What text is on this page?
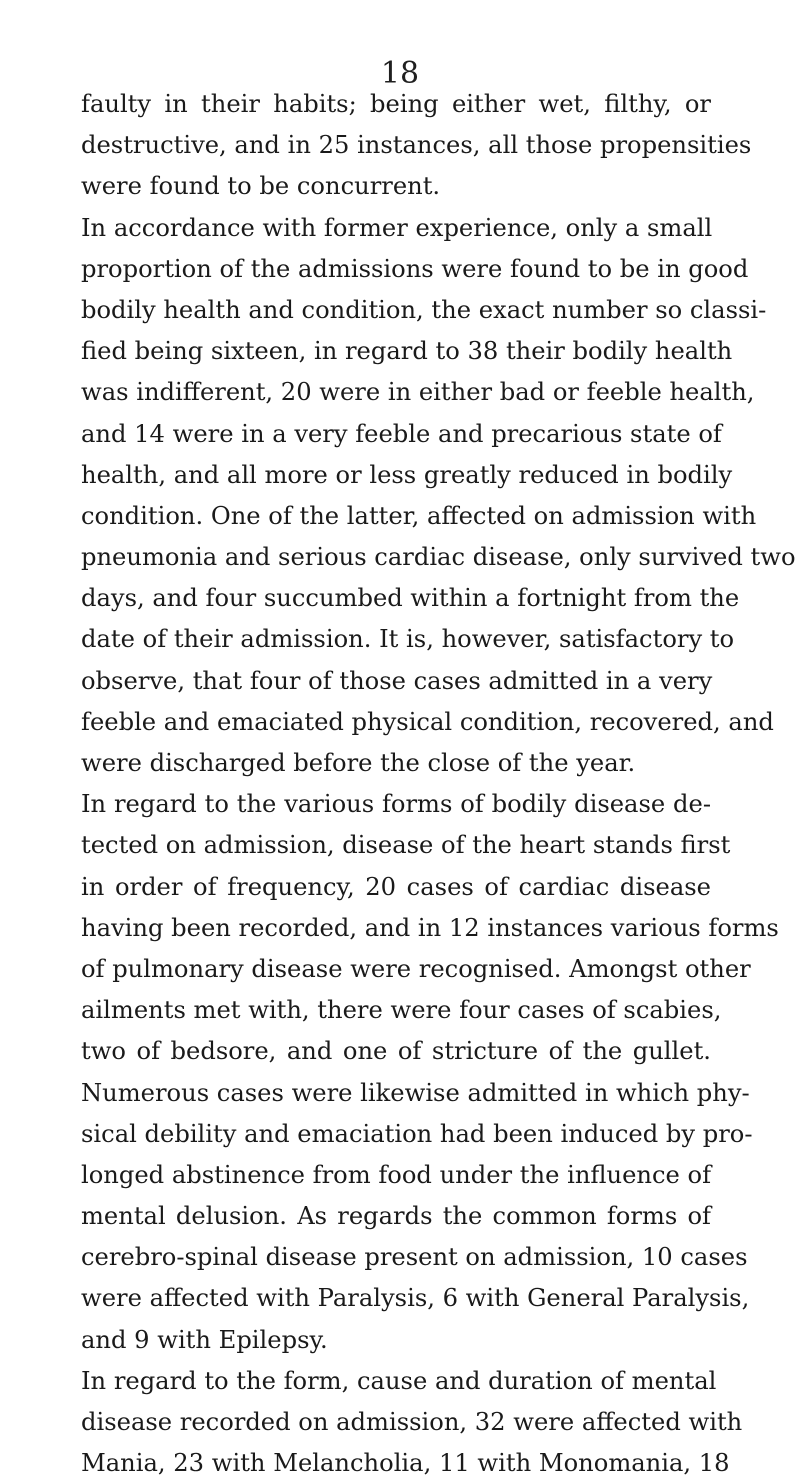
18
faulty in their habits; being either wet, filthy, or
destructive, and in 25 instances, all those propensities
were found to be concurrent.
In accordance with former experience, only a small
proportion of the admissions were found to be in good
bodily health and condition, the exact number so classi-
fied being sixteen, in regard to 38 their bodily health
was indifferent, 20 were in either bad or feeble health,
and 14 were in a very feeble and precarious state of
health, and all more or less greatly reduced in bodily
condition. One of the latter, affected on admission with
pneumonia and serious cardiac disease, only survived two
days, and four succumbed within a fortnight from the
date of their admission. It is, however, satisfactory to
observe, that four of those cases admitted in a very
feeble and emaciated physical condition, recovered, and
were discharged before the close of the year.
In regard to the various forms of bodily disease de-
tected on admission, disease of the heart stands first
in order of frequency, 20 cases of cardiac disease
having been recorded, and in 12 instances various forms
of pulmonary disease were recognised. Amongst other
ailments met with, there were four cases of scabies,
two of bedsore, and one of stricture of the gullet.
Numerous cases were likewise admitted in which phy-
sical debility and emaciation had been induced by pro-
longed abstinence from food under the influence of
mental delusion. As regards the common forms of
cerebro-spinal disease present on admission, 10 cases
were affected with Paralysis, 6 with General Paralysis,
and 9 with Epilepsy.
In regard to the form, cause and duration of mental
disease recorded on admission, 32 were affected with
Mania, 23 with Melancholia, 11 with Monomania, 18
